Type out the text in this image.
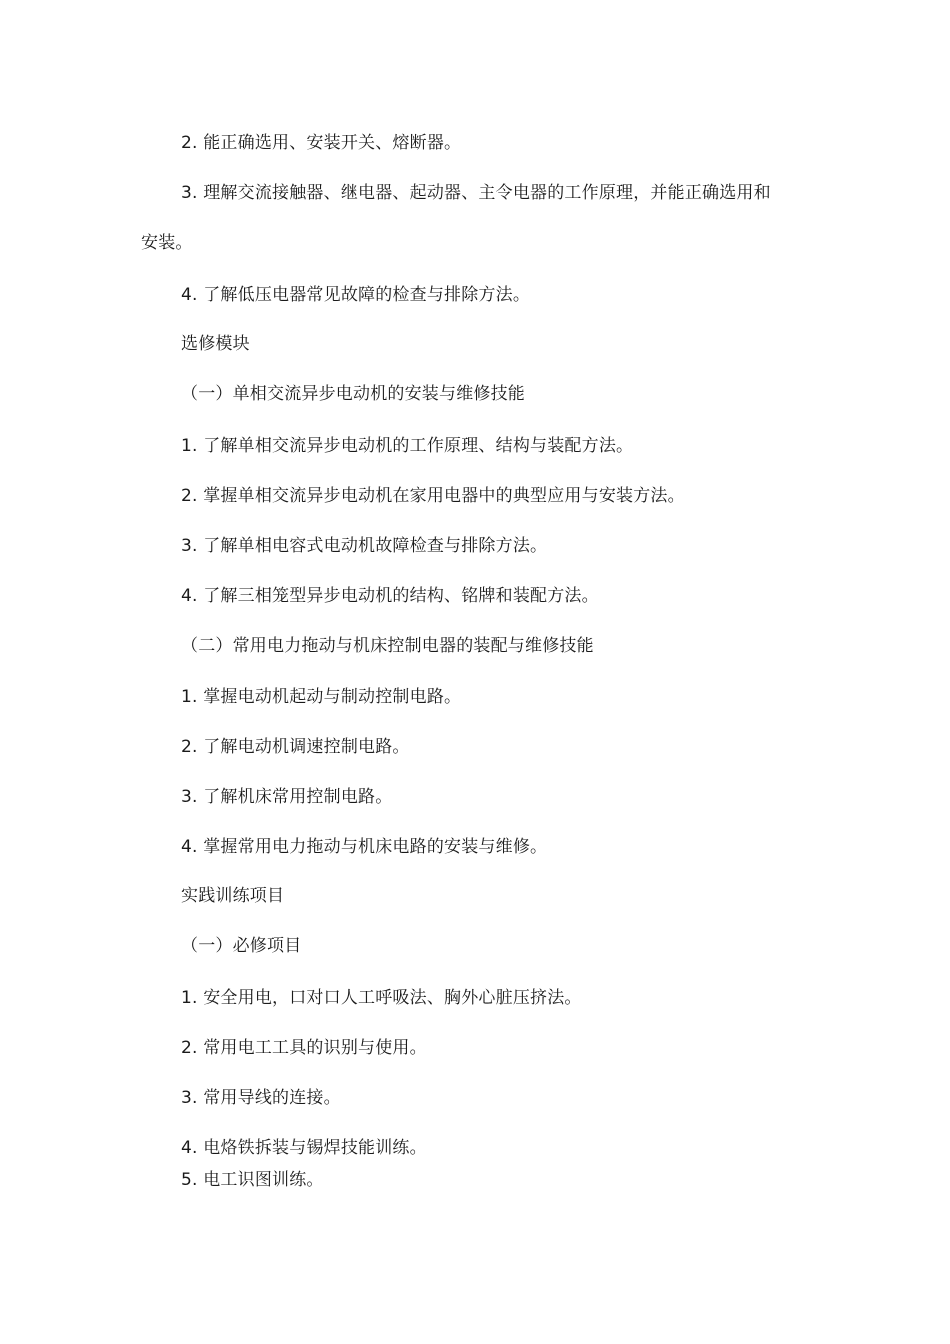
2. 能正确选用、安装开关、熔断器。
3. 理解交流接触器、继电器、起动器、主令电器的工作原理，并能正确选用和
安装。
4. 了解低压电器常见故障的检查与排除方法。
选修模块
（一）单相交流异步电动机的安装与维修技能
1. 了解单相交流异步电动机的工作原理、结构与装配方法。
2. 掌握单相交流异步电动机在家用电器中的典型应用与安装方法。
3. 了解单相电容式电动机故障检查与排除方法。
4. 了解三相笼型异步电动机的结构、铭牌和装配方法。
（二）常用电力拖动与机床控制电器的装配与维修技能
1. 掌握电动机起动与制动控制电路。
2. 了解电动机调速控制电路。
3. 了解机床常用控制电路。
4. 掌握常用电力拖动与机床电路的安装与维修。
实践训练项目
（一）必修项目
1. 安全用电，口对口人工呼吸法、胸外心脏压挤法。
2. 常用电工工具的识别与使用。
3. 常用导线的连接。
4. 电烙铁拆装与锡焊技能训练。
5. 电工识图训练。
